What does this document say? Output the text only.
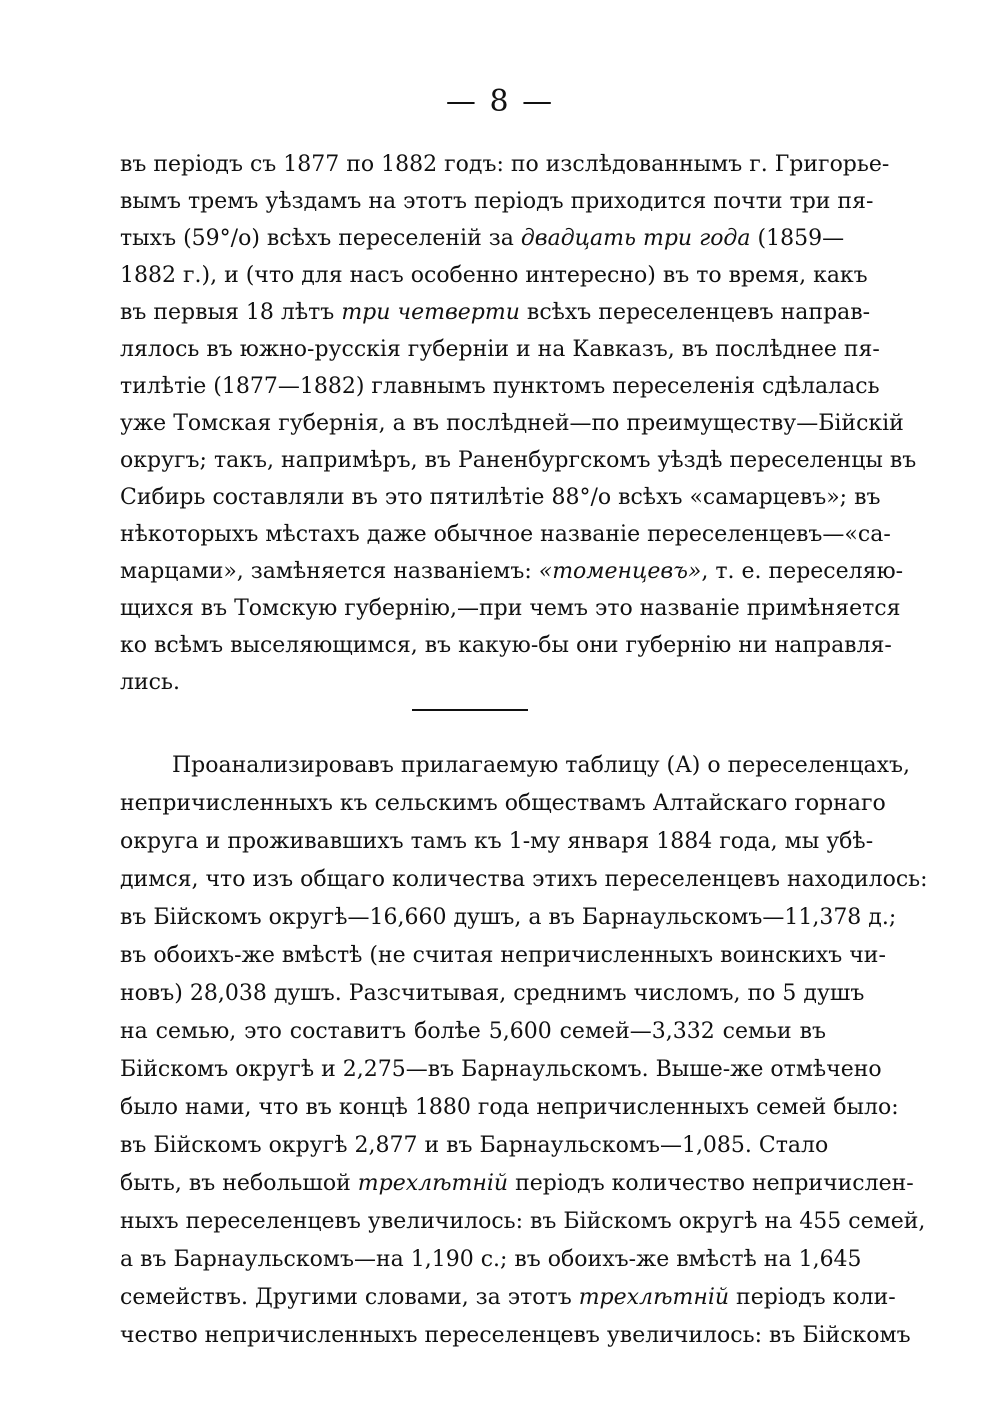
— 8 —
въ періодъ съ 1877 по 1882 годъ: по изслѣдованнымъ г. Григорье-
вымъ тремъ уѣздамъ на этотъ періодъ приходится почти три пя-
тыхъ (59°/о) всѣхъ переселеній за двадцать три года (1859—
1882 г.), и (что для насъ особенно интересно) въ то время, какъ
въ первыя 18 лѣтъ три четверти всѣхъ переселенцевъ направ-
лялось въ южно-русскія губерніи и на Кавказъ, въ послѣднее пя-
тилѣтіе (1877—1882) главнымъ пунктомъ переселенія сдѣлалась
уже Томская губернія, а въ послѣдней—по преимуществу—Бійскій
округъ; такъ, напримѣръ, въ Раненбургскомъ уѣздѣ переселенцы въ
Сибирь составляли въ это пятилѣтіе 88°/о всѣхъ «самарцевъ»; въ
нѣкоторыхъ мѣстахъ даже обычное названіе переселенцевъ—«са-
марцами», замѣняется названіемъ: «томенцевъ», т. е. переселяю-
щихся въ Томскую губернію,—при чемъ это названіе примѣняется
ко всѣмъ выселяющимся, въ какую-бы они губернію ни направля-
лись.
Проанализировавъ прилагаемую таблицу (А) о переселенцахъ,
непричисленныхъ къ сельскимъ обществамъ Алтайскаго горнаго
округа и проживавшихъ тамъ къ 1-му января 1884 года, мы убѣ-
димся, что изъ общаго количества этихъ переселенцевъ находилось:
въ Бійскомъ округѣ—16,660 душъ, а въ Барнаульскомъ—11,378 д.;
въ обоихъ-же вмѣстѣ (не считая непричисленныхъ воинскихъ чи-
новъ) 28,038 душъ. Разсчитывая, среднимъ числомъ, по 5 душъ
на семью, это составитъ болѣе 5,600 семей—3,332 семьи въ
Бійскомъ округѣ и 2,275—въ Барнаульскомъ. Выше-же отмѣчено
было нами, что въ концѣ 1880 года непричисленныхъ семей было:
въ Бійскомъ округѣ 2,877 и въ Барнаульскомъ—1,085. Стало
быть, въ небольшой трехлѣтній періодъ количество непричислен-
ныхъ переселенцевъ увеличилось: въ Бійскомъ округѣ на 455 семей,
а въ Барнаульскомъ—на 1,190 с.; въ обоихъ-же вмѣстѣ на 1,645
семействъ. Другими словами, за этотъ трехлѣтній періодъ коли-
чество непричисленныхъ переселенцевъ увеличилось: въ Бійскомъ
